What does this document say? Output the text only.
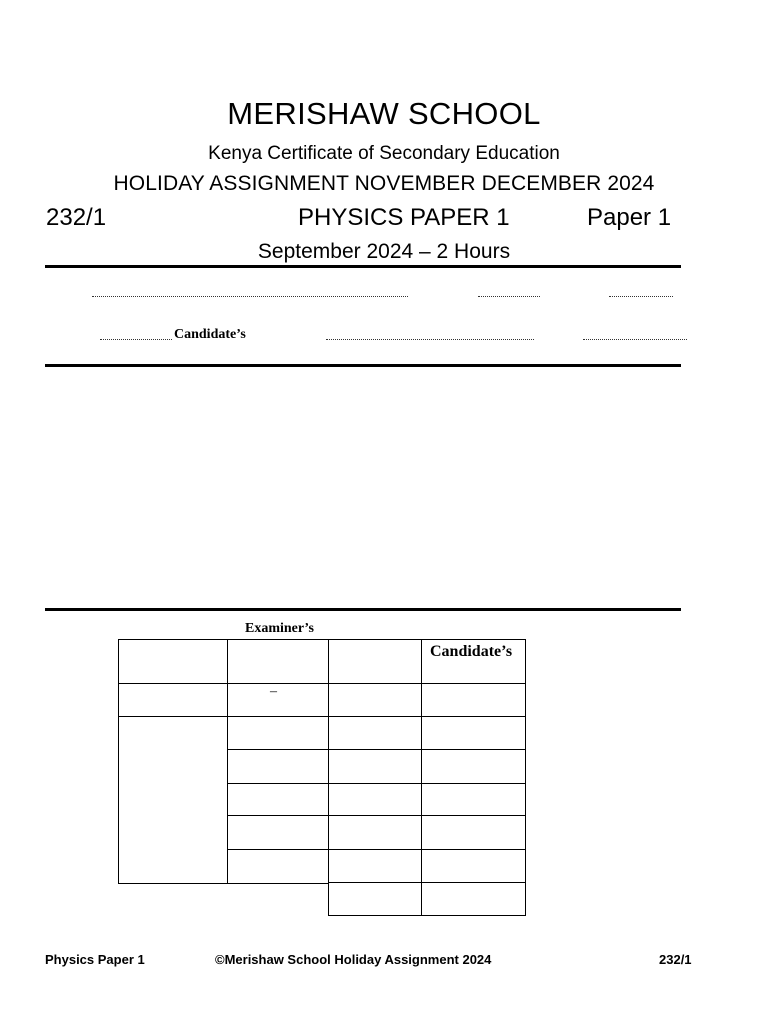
MERISHAW SCHOOL
Kenya Certificate of Secondary Education
HOLIDAY ASSIGNMENT NOVEMBER DECEMBER 2024
232/1	PHYSICS PAPER 1	Paper 1
September 2024 – 2 Hours
Candidate’s
Examiner’s
Candidate’s
–
Physics Paper 1	©Merishaw School Holiday Assignment 2024	232/1
